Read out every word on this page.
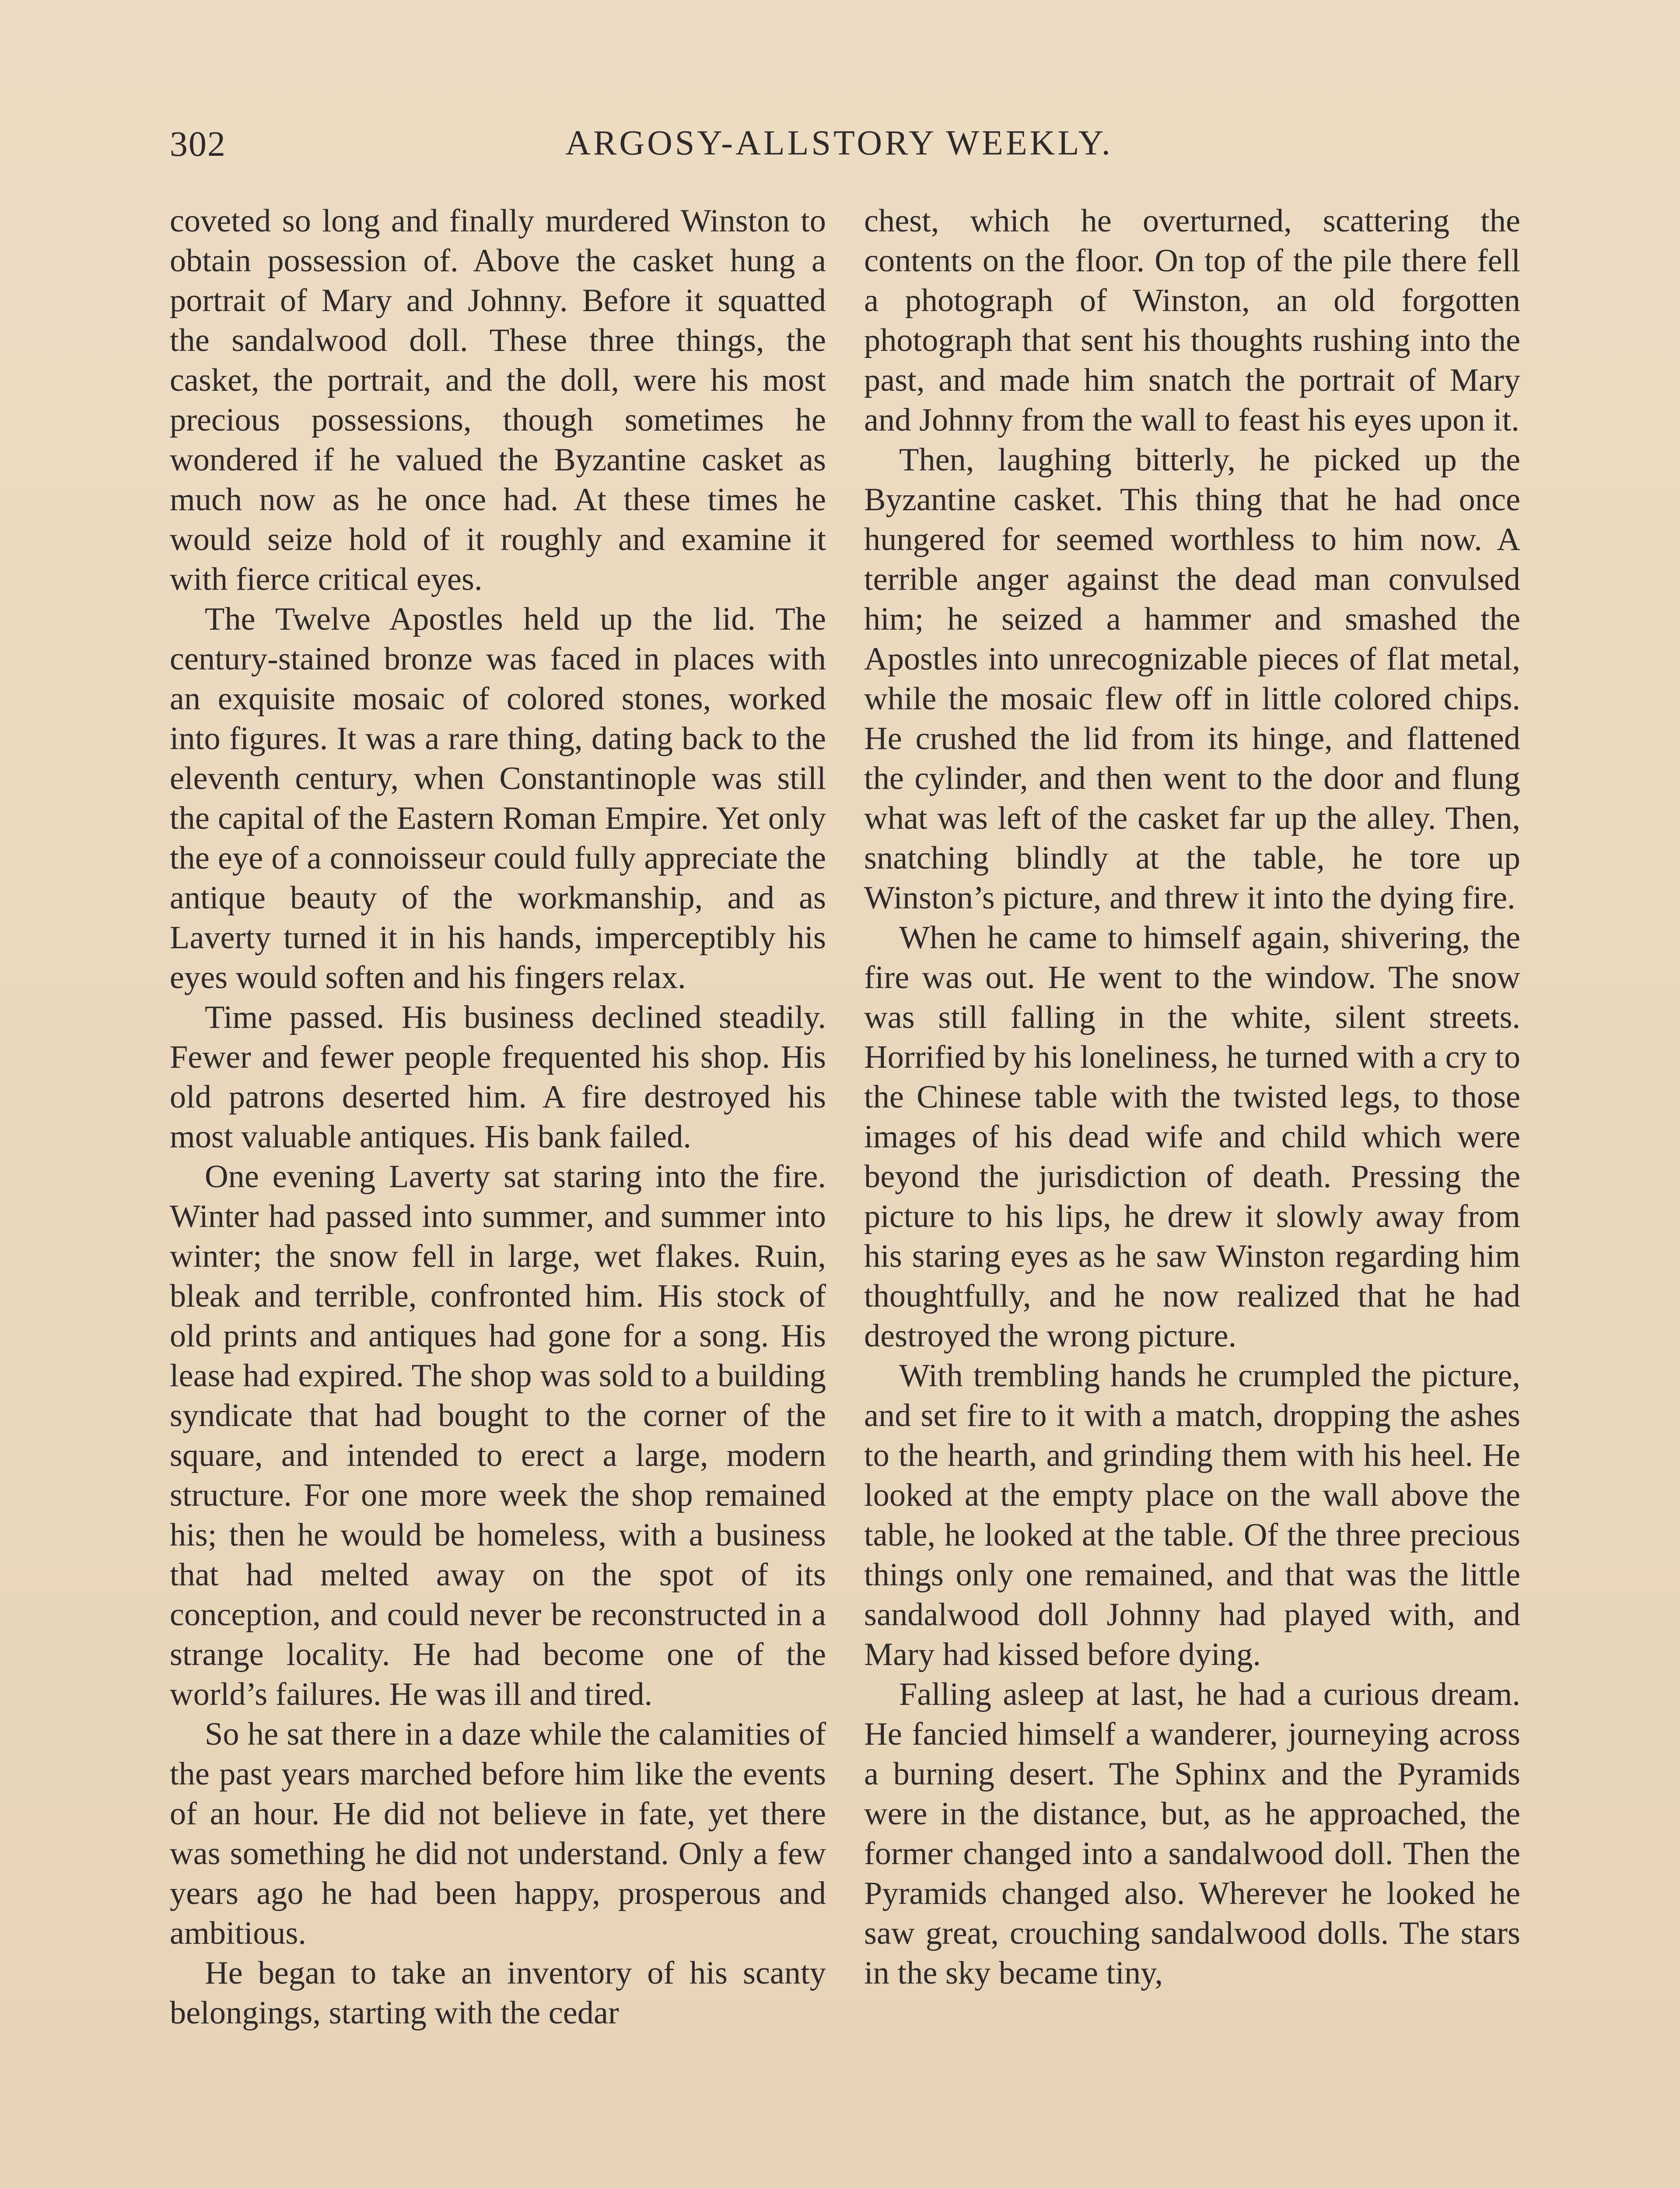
302	ARGOSY-ALLSTORY WEEKLY.

coveted so long and finally murdered Winston to obtain possession of. Above the casket hung a portrait of Mary and Johnny. Before it squatted the sandalwood doll. These three things, the casket, the portrait, and the doll, were his most precious possessions, though sometimes he wondered if he valued the Byzantine casket as much now as he once had. At these times he would seize hold of it roughly and examine it with fierce critical eyes.

The Twelve Apostles held up the lid. The century-stained bronze was faced in places with an exquisite mosaic of colored stones, worked into figures. It was a rare thing, dating back to the eleventh century, when Constantinople was still the capital of the Eastern Roman Empire. Yet only the eye of a connoisseur could fully appreciate the antique beauty of the workmanship, and as Laverty turned it in his hands, imperceptibly his eyes would soften and his fingers relax.

Time passed. His business declined steadily. Fewer and fewer people frequented his shop. His old patrons deserted him. A fire destroyed his most valuable antiques. His bank failed.

One evening Laverty sat staring into the fire. Winter had passed into summer, and summer into winter; the snow fell in large, wet flakes. Ruin, bleak and terrible, confronted him. His stock of old prints and antiques had gone for a song. His lease had expired. The shop was sold to a building syndicate that had bought to the corner of the square, and intended to erect a large, modern structure. For one more week the shop remained his; then he would be homeless, with a business that had melted away on the spot of its conception, and could never be reconstructed in a strange locality. He had become one of the world’s failures. He was ill and tired.

So he sat there in a daze while the calamities of the past years marched before him like the events of an hour. He did not believe in fate, yet there was something he did not understand. Only a few years ago he had been happy, prosperous and ambitious.

He began to take an inventory of his scanty belongings, starting with the cedar

chest, which he overturned, scattering the contents on the floor. On top of the pile there fell a photograph of Winston, an old forgotten photograph that sent his thoughts rushing into the past, and made him snatch the portrait of Mary and Johnny from the wall to feast his eyes upon it.

Then, laughing bitterly, he picked up the Byzantine casket. This thing that he had once hungered for seemed worthless to him now. A terrible anger against the dead man convulsed him; he seized a hammer and smashed the Apostles into unrecognizable pieces of flat metal, while the mosaic flew off in little colored chips. He crushed the lid from its hinge, and flattened the cylinder, and then went to the door and flung what was left of the casket far up the alley. Then, snatching blindly at the table, he tore up Winston’s picture, and threw it into the dying fire.

When he came to himself again, shivering, the fire was out. He went to the window. The snow was still falling in the white, silent streets. Horrified by his loneliness, he turned with a cry to the Chinese table with the twisted legs, to those images of his dead wife and child which were beyond the jurisdiction of death. Pressing the picture to his lips, he drew it slowly away from his staring eyes as he saw Winston regarding him thoughtfully, and he now realized that he had destroyed the wrong picture.

With trembling hands he crumpled the picture, and set fire to it with a match, dropping the ashes to the hearth, and grinding them with his heel. He looked at the empty place on the wall above the table, he looked at the table. Of the three precious things only one remained, and that was the little sandalwood doll Johnny had played with, and Mary had kissed before dying.

Falling asleep at last, he had a curious dream. He fancied himself a wanderer, journeying across a burning desert. The Sphinx and the Pyramids were in the distance, but, as he approached, the former changed into a sandalwood doll. Then the Pyramids changed also. Wherever he looked he saw great, crouching sandalwood dolls. The stars in the sky became tiny,
